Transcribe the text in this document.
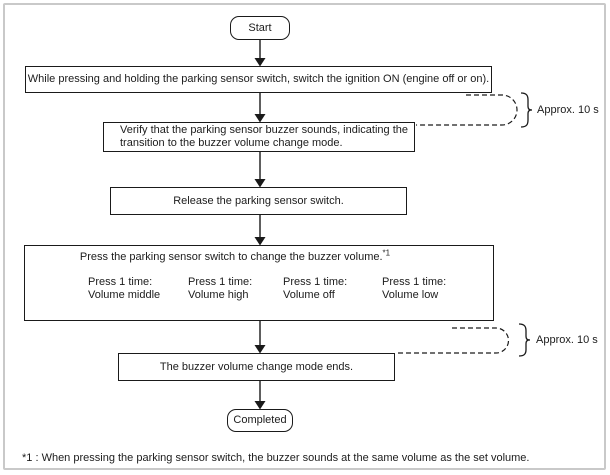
Start
While pressing and holding the parking sensor switch, switch the ignition ON (engine off or on).
Verify that the parking sensor buzzer sounds, indicating the
transition to the buzzer volume change mode.
Release the parking sensor switch.
Press the parking sensor switch to change the buzzer volume.$^{*1}$
Press 1 time:
Volume middle
Press 1 time:
Volume high
Press 1 time:
Volume off
Press 1 time:
Volume low
The buzzer volume change mode ends.
Completed
Approx. 10 s
Approx. 10 s
*1 : When pressing the parking sensor switch, the buzzer sounds at the same volume as the set volume.
